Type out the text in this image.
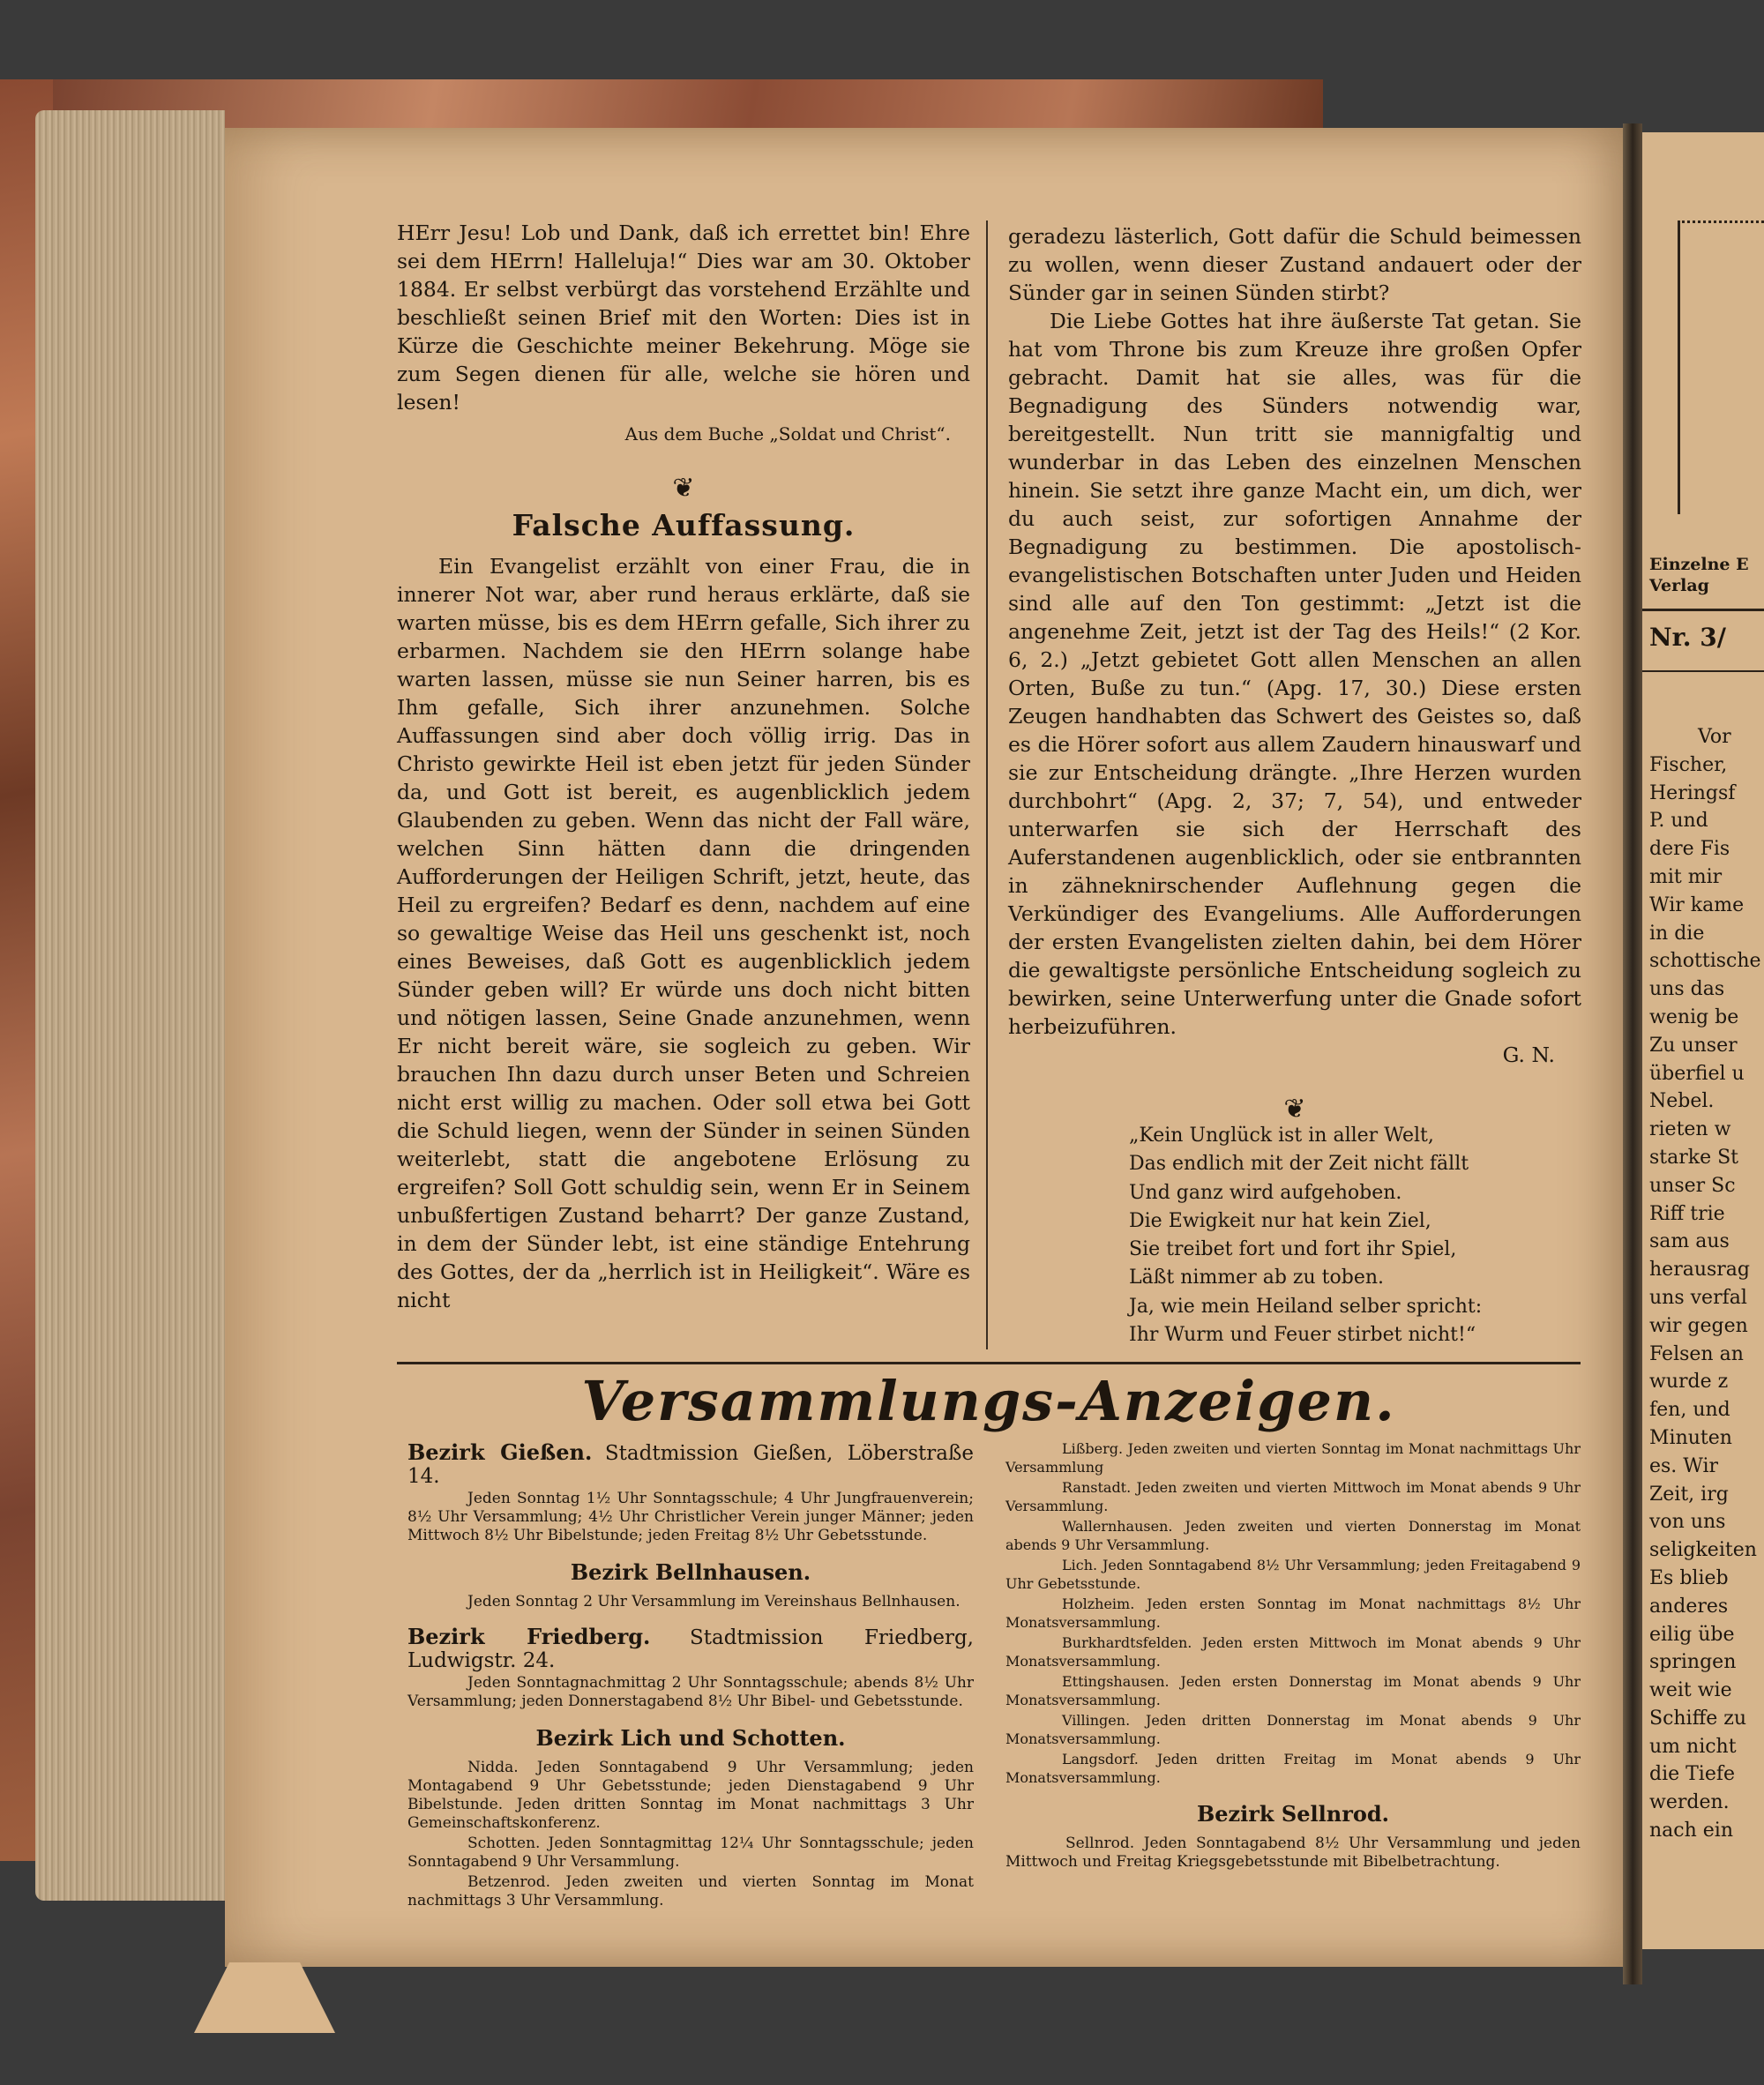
HErr Jesu! Lob und Dank, daß ich errettet bin! Ehre sei dem HErrn! Halleluja!“ Dies war am 30. Oktober 1884. Er selbst verbürgt das vorstehend Erzählte und beschließt seinen Brief mit den Worten: Dies ist in Kürze die Geschichte meiner Bekehrung. Möge sie zum Segen dienen für alle, welche sie hören und lesen!

Aus dem Buche „Soldat und Christ“.
❦
Falsche Auffassung.

Ein Evangelist erzählt von einer Frau, die in innerer Not war, aber rund heraus erklärte, daß sie warten müsse, bis es dem HErrn gefalle, Sich ihrer zu erbarmen. Nachdem sie den HErrn solange habe warten lassen, müsse sie nun Seiner harren, bis es Ihm gefalle, Sich ihrer anzunehmen. Solche Auffassungen sind aber doch völlig irrig. Das in Christo gewirkte Heil ist eben jetzt für jeden Sünder da, und Gott ist bereit, es augenblicklich jedem Glaubenden zu geben. Wenn das nicht der Fall wäre, welchen Sinn hätten dann die dringenden Aufforderungen der Heiligen Schrift, jetzt, heute, das Heil zu ergreifen? Bedarf es denn, nachdem auf eine so gewaltige Weise das Heil uns geschenkt ist, noch eines Beweises, daß Gott es augenblicklich jedem Sünder geben will? Er würde uns doch nicht bitten und nötigen lassen, Seine Gnade anzunehmen, wenn Er nicht bereit wäre, sie sogleich zu geben. Wir brauchen Ihn dazu durch unser Beten und Schreien nicht erst willig zu machen. Oder soll etwa bei Gott die Schuld liegen, wenn der Sünder in seinen Sünden weiterlebt, statt die angebotene Erlösung zu ergreifen? Soll Gott schuldig sein, wenn Er in Seinem unbußfertigen Zustand beharrt? Der ganze Zustand, in dem der Sünder lebt, ist eine ständige Entehrung des Gottes, der da „herrlich ist in Heiligkeit“. Wäre es nicht

geradezu lästerlich, Gott dafür die Schuld beimessen zu wollen, wenn dieser Zustand andauert oder der Sünder gar in seinen Sünden stirbt?

Die Liebe Gottes hat ihre äußerste Tat getan. Sie hat vom Throne bis zum Kreuze ihre großen Opfer gebracht. Damit hat sie alles, was für die Begnadigung des Sünders notwendig war, bereitgestellt. Nun tritt sie mannigfaltig und wunderbar in das Leben des einzelnen Menschen hinein. Sie setzt ihre ganze Macht ein, um dich, wer du auch seist, zur sofortigen Annahme der Begnadigung zu bestimmen. Die apostolisch-evangelistischen Botschaften unter Juden und Heiden sind alle auf den Ton gestimmt: „Jetzt ist die angenehme Zeit, jetzt ist der Tag des Heils!“ (2 Kor. 6, 2.) „Jetzt gebietet Gott allen Menschen an allen Orten, Buße zu tun.“ (Apg. 17, 30.) Diese ersten Zeugen handhabten das Schwert des Geistes so, daß es die Hörer sofort aus allem Zaudern hinauswarf und sie zur Entscheidung drängte. „Ihre Herzen wurden durchbohrt“ (Apg. 2, 37; 7, 54), und entweder unterwarfen sie sich der Herrschaft des Auferstandenen augenblicklich, oder sie entbrannten in zähneknirschender Auflehnung gegen die Verkündiger des Evangeliums. Alle Aufforderungen der ersten Evangelisten zielten dahin, bei dem Hörer die gewaltigste persönliche Entscheidung sogleich zu bewirken, seine Unterwerfung unter die Gnade sofort herbeizuführen.

G. N.
❦
„Kein Unglück ist in aller Welt,
Das endlich mit der Zeit nicht fällt
Und ganz wird aufgehoben.
Die Ewigkeit nur hat kein Ziel,
Sie treibet fort und fort ihr Spiel,
Läßt nimmer ab zu toben.
Ja, wie mein Heiland selber spricht:
Ihr Wurm und Feuer stirbet nicht!“
Versammlungs-Anzeigen.
Bezirk Gießen. Stadtmission Gießen, Löberstraße 14.

Jeden Sonntag 1½ Uhr Sonntagsschule; 4 Uhr Jungfrauenverein; 8½ Uhr Versammlung; 4½ Uhr Christlicher Verein junger Männer; jeden Mittwoch 8½ Uhr Bibelstunde; jeden Freitag 8½ Uhr Gebetsstunde.

Bezirk Bellnhausen.

Jeden Sonntag 2 Uhr Versammlung im Vereinshaus Bellnhausen.

Bezirk Friedberg. Stadtmission Friedberg, Ludwigstr. 24.

Jeden Sonntagnachmittag 2 Uhr Sonntagsschule; abends 8½ Uhr Versammlung; jeden Donnerstagabend 8½ Uhr Bibel- und Gebetsstunde.

Bezirk Lich und Schotten.

Nidda. Jeden Sonntagabend 9 Uhr Versammlung; jeden Montagabend 9 Uhr Gebetsstunde; jeden Dienstagabend 9 Uhr Bibelstunde. Jeden dritten Sonntag im Monat nachmittags 3 Uhr Gemeinschaftskonferenz.

Schotten. Jeden Sonntagmittag 12¼ Uhr Sonntagsschule; jeden Sonntagabend 9 Uhr Versammlung.

Betzenrod. Jeden zweiten und vierten Sonntag im Monat nachmittags 3 Uhr Versammlung.

Lißberg. Jeden zweiten und vierten Sonntag im Monat nachmittags Uhr Versammlung

Ranstadt. Jeden zweiten und vierten Mittwoch im Monat abends 9 Uhr Versammlung.

Wallernhausen. Jeden zweiten und vierten Donnerstag im Monat abends 9 Uhr Versammlung.

Lich. Jeden Sonntagabend 8½ Uhr Versammlung; jeden Freitagabend 9 Uhr Gebetsstunde.

Holzheim. Jeden ersten Sonntag im Monat nachmittags 8½ Uhr Monatsversammlung.

Burkhardtsfelden. Jeden ersten Mittwoch im Monat abends 9 Uhr Monatsversammlung.

Ettingshausen. Jeden ersten Donnerstag im Monat abends 9 Uhr Monatsversammlung.

Villingen. Jeden dritten Donnerstag im Monat abends 9 Uhr Monatsversammlung.

Langsdorf. Jeden dritten Freitag im Monat abends 9 Uhr Monatsversammlung.

Bezirk Sellnrod.

Sellnrod. Jeden Sonntagabend 8½ Uhr Versammlung und jeden Mittwoch und Freitag Kriegsgebetsstunde mit Bibelbetrachtung.

Einzelne E
Verlag
Nr. 3/
Vor
Fischer,
Heringsf
P. und
dere Fis
mit mir
Wir kame
in die
schottische
uns das
wenig be
Zu unser
überfiel u
Nebel.
rieten w
starke St
unser Sc
Riff trie
sam aus
herausrag
uns verfal
wir gegen
Felsen an
wurde z
fen, und
Minuten
es. Wir
Zeit, irg
von uns
seligkeiten
Es blieb
anderes
eilig übe
springen
weit wie
Schiffe zu
um nicht
die Tiefe
werden.
nach ein
